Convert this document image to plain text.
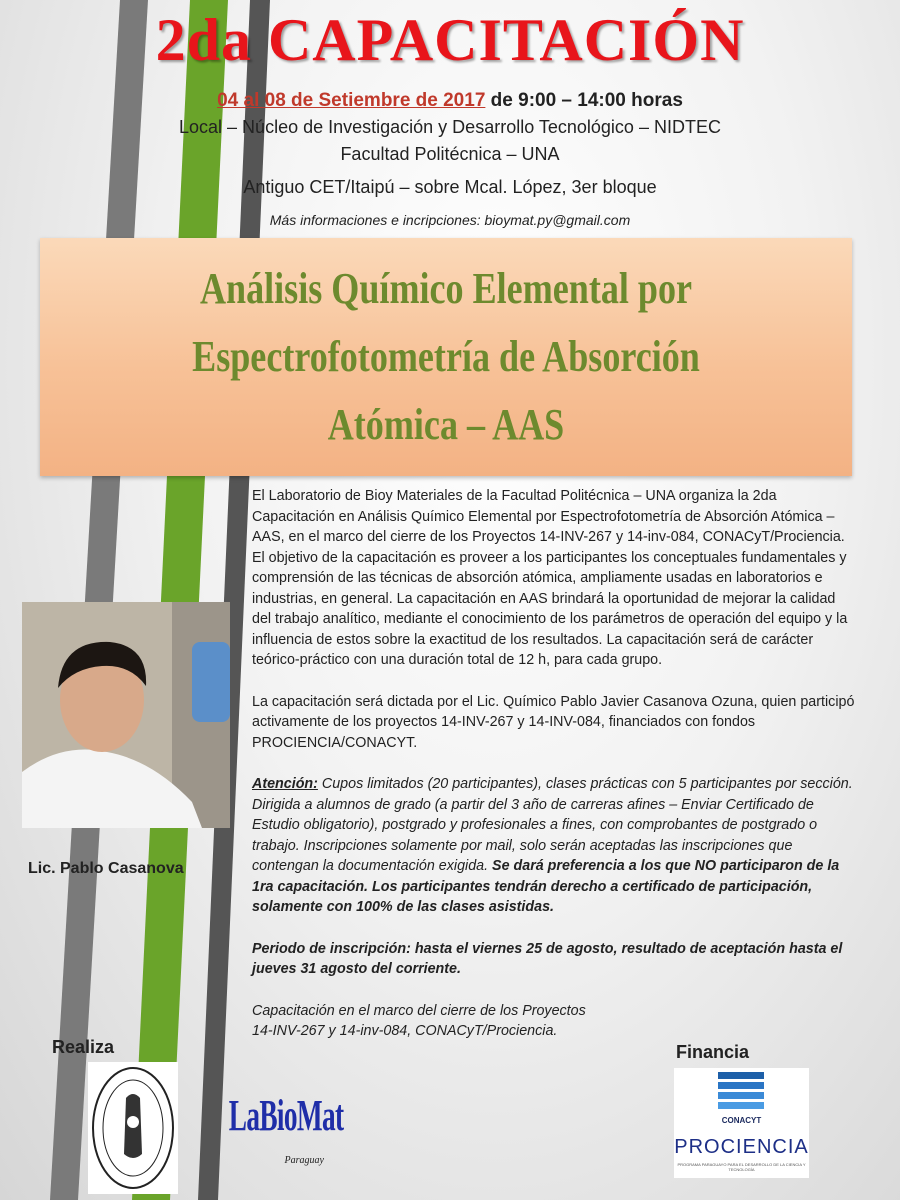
2da CAPACITACIÓN
04 al 08 de Setiembre de 2017 de 9:00 – 14:00 horas
Local – Núcleo de Investigación y Desarrollo Tecnológico – NIDTEC
Facultad Politécnica – UNA
Antiguo CET/Itaipú – sobre Mcal. López, 3er bloque
Más informaciones e incripciones: bioymat.py@gmail.com
Análisis Químico Elemental por Espectrofotometría de Absorción Atómica – AAS
Lic. Pablo Casanova

El Laboratorio de Bioy Materiales de la Facultad Politécnica – UNA organiza la 2da Capacitación en Análisis Químico Elemental por Espectrofotometría de Absorción Atómica – AAS, en el marco del cierre de los Proyectos 14-INV-267 y 14-inv-084, CONACyT/Prociencia. El objetivo de la capacitación es proveer a los participantes los conceptuales fundamentales y comprensión de las técnicas de absorción atómica, ampliamente usadas en laboratorios e industrias, en general. La capacitación en AAS brindará la oportunidad de mejorar la calidad del trabajo analítico, mediante el conocimiento de los parámetros de operación del equipo y la influencia de estos sobre la exactitud de los resultados. La capacitación será de carácter teórico-práctico con una duración total de 12 h, para cada grupo.

La capacitación será dictada por el Lic. Químico Pablo Javier Casanova Ozuna, quien participó activamente de los proyectos 14-INV-267 y 14-INV-084, financiados con fondos PROCIENCIA/CONACYT.

Atención: Cupos limitados (20 participantes), clases prácticas con 5 participantes por sección. Dirigida a alumnos de grado (a partir del 3 año de carreras afines – Enviar Certificado de Estudio obligatorio), postgrado y profesionales a fines, con comprobantes de postgrado o trabajo. Inscripciones solamente por mail, solo serán aceptadas las inscripciones que contengan la documentación exigida. Se dará preferencia a los que NO participaron de la 1ra capacitación. Los participantes tendrán derecho a certificado de participación, solamente con 100% de las clases asistidas.

Periodo de inscripción: hasta el viernes 25 de agosto, resultado de aceptación hasta el jueves 31 agosto del corriente.

Capacitación en el marco del cierre de los Proyectos
14-INV-267 y 14-inv-084, CONACyT/Prociencia.

Realiza	Financia
LaBioMat
Paraguay
CONACYT
PROCIENCIA
PROGRAMA PARAGUAYO PARA EL DESARROLLO DE LA CIENCIA Y TECNOLOGÍA
